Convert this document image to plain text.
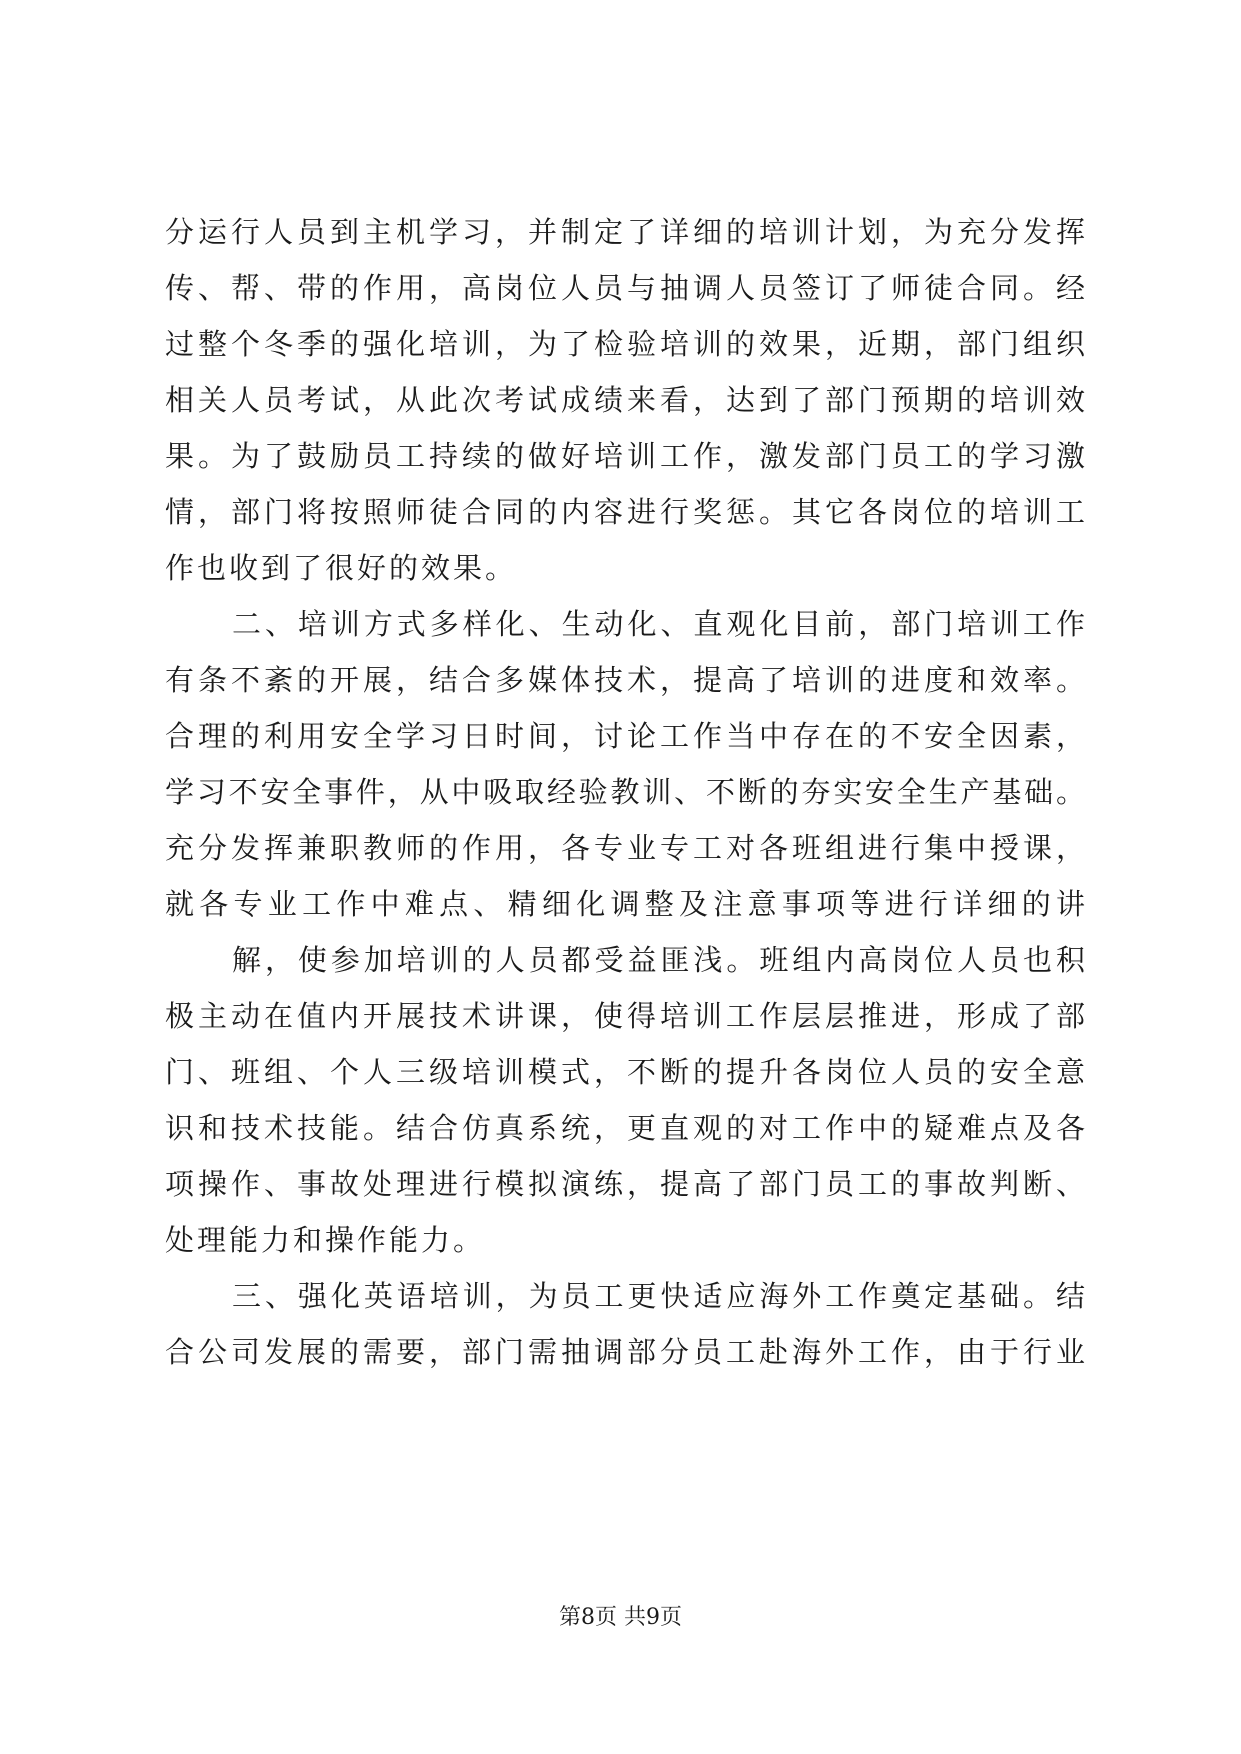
分运行人员到主机学习，并制定了详细的培训计划，为充分发挥
传、帮、带的作用，高岗位人员与抽调人员签订了师徒合同。经
过整个冬季的强化培训，为了检验培训的效果，近期，部门组织
相关人员考试，从此次考试成绩来看，达到了部门预期的培训效
果。为了鼓励员工持续的做好培训工作，激发部门员工的学习激
情，部门将按照师徒合同的内容进行奖惩。其它各岗位的培训工
作也收到了很好的效果。
二、培训方式多样化、生动化、直观化目前，部门培训工作
有条不紊的开展，结合多媒体技术，提高了培训的进度和效率。
合理的利用安全学习日时间，讨论工作当中存在的不安全因素，
学习不安全事件，从中吸取经验教训、不断的夯实安全生产基础。
充分发挥兼职教师的作用，各专业专工对各班组进行集中授课，
就各专业工作中难点、精细化调整及注意事项等进行详细的讲
解，使参加培训的人员都受益匪浅。班组内高岗位人员也积
极主动在值内开展技术讲课，使得培训工作层层推进，形成了部
门、班组、个人三级培训模式，不断的提升各岗位人员的安全意
识和技术技能。结合仿真系统，更直观的对工作中的疑难点及各
项操作、事故处理进行模拟演练，提高了部门员工的事故判断、
处理能力和操作能力。
三、强化英语培训，为员工更快适应海外工作奠定基础。结
合公司发展的需要，部门需抽调部分员工赴海外工作，由于行业
第8页 共9页
